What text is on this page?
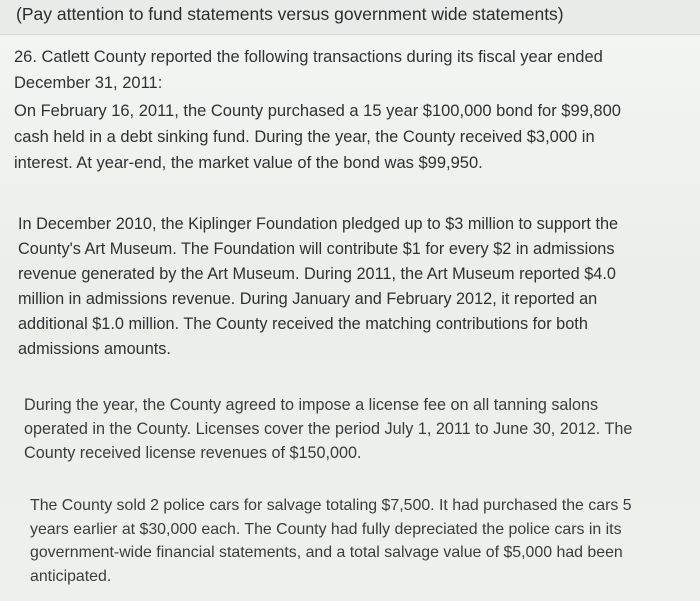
(Pay attention to fund statements versus government wide statements)
26. Catlett County reported the following transactions during its fiscal year ended
December 31, 2011:
On February 16, 2011, the County purchased a 15 year $100,000 bond for $99,800
cash held in a debt sinking fund. During the year, the County received $3,000 in
interest. At year-end, the market value of the bond was $99,950.
In December 2010, the Kiplinger Foundation pledged up to $3 million to support the
County's Art Museum. The Foundation will contribute $1 for every $2 in admissions
revenue generated by the Art Museum. During 2011, the Art Museum reported $4.0
million in admissions revenue. During January and February 2012, it reported an
additional $1.0 million. The County received the matching contributions for both
admissions amounts.
During the year, the County agreed to impose a license fee on all tanning salons
operated in the County. Licenses cover the period July 1, 2011 to June 30, 2012. The
County received license revenues of $150,000.
The County sold 2 police cars for salvage totaling $7,500. It had purchased the cars 5
years earlier at $30,000 each. The County had fully depreciated the police cars in its
government-wide financial statements, and a total salvage value of $5,000 had been
anticipated.
